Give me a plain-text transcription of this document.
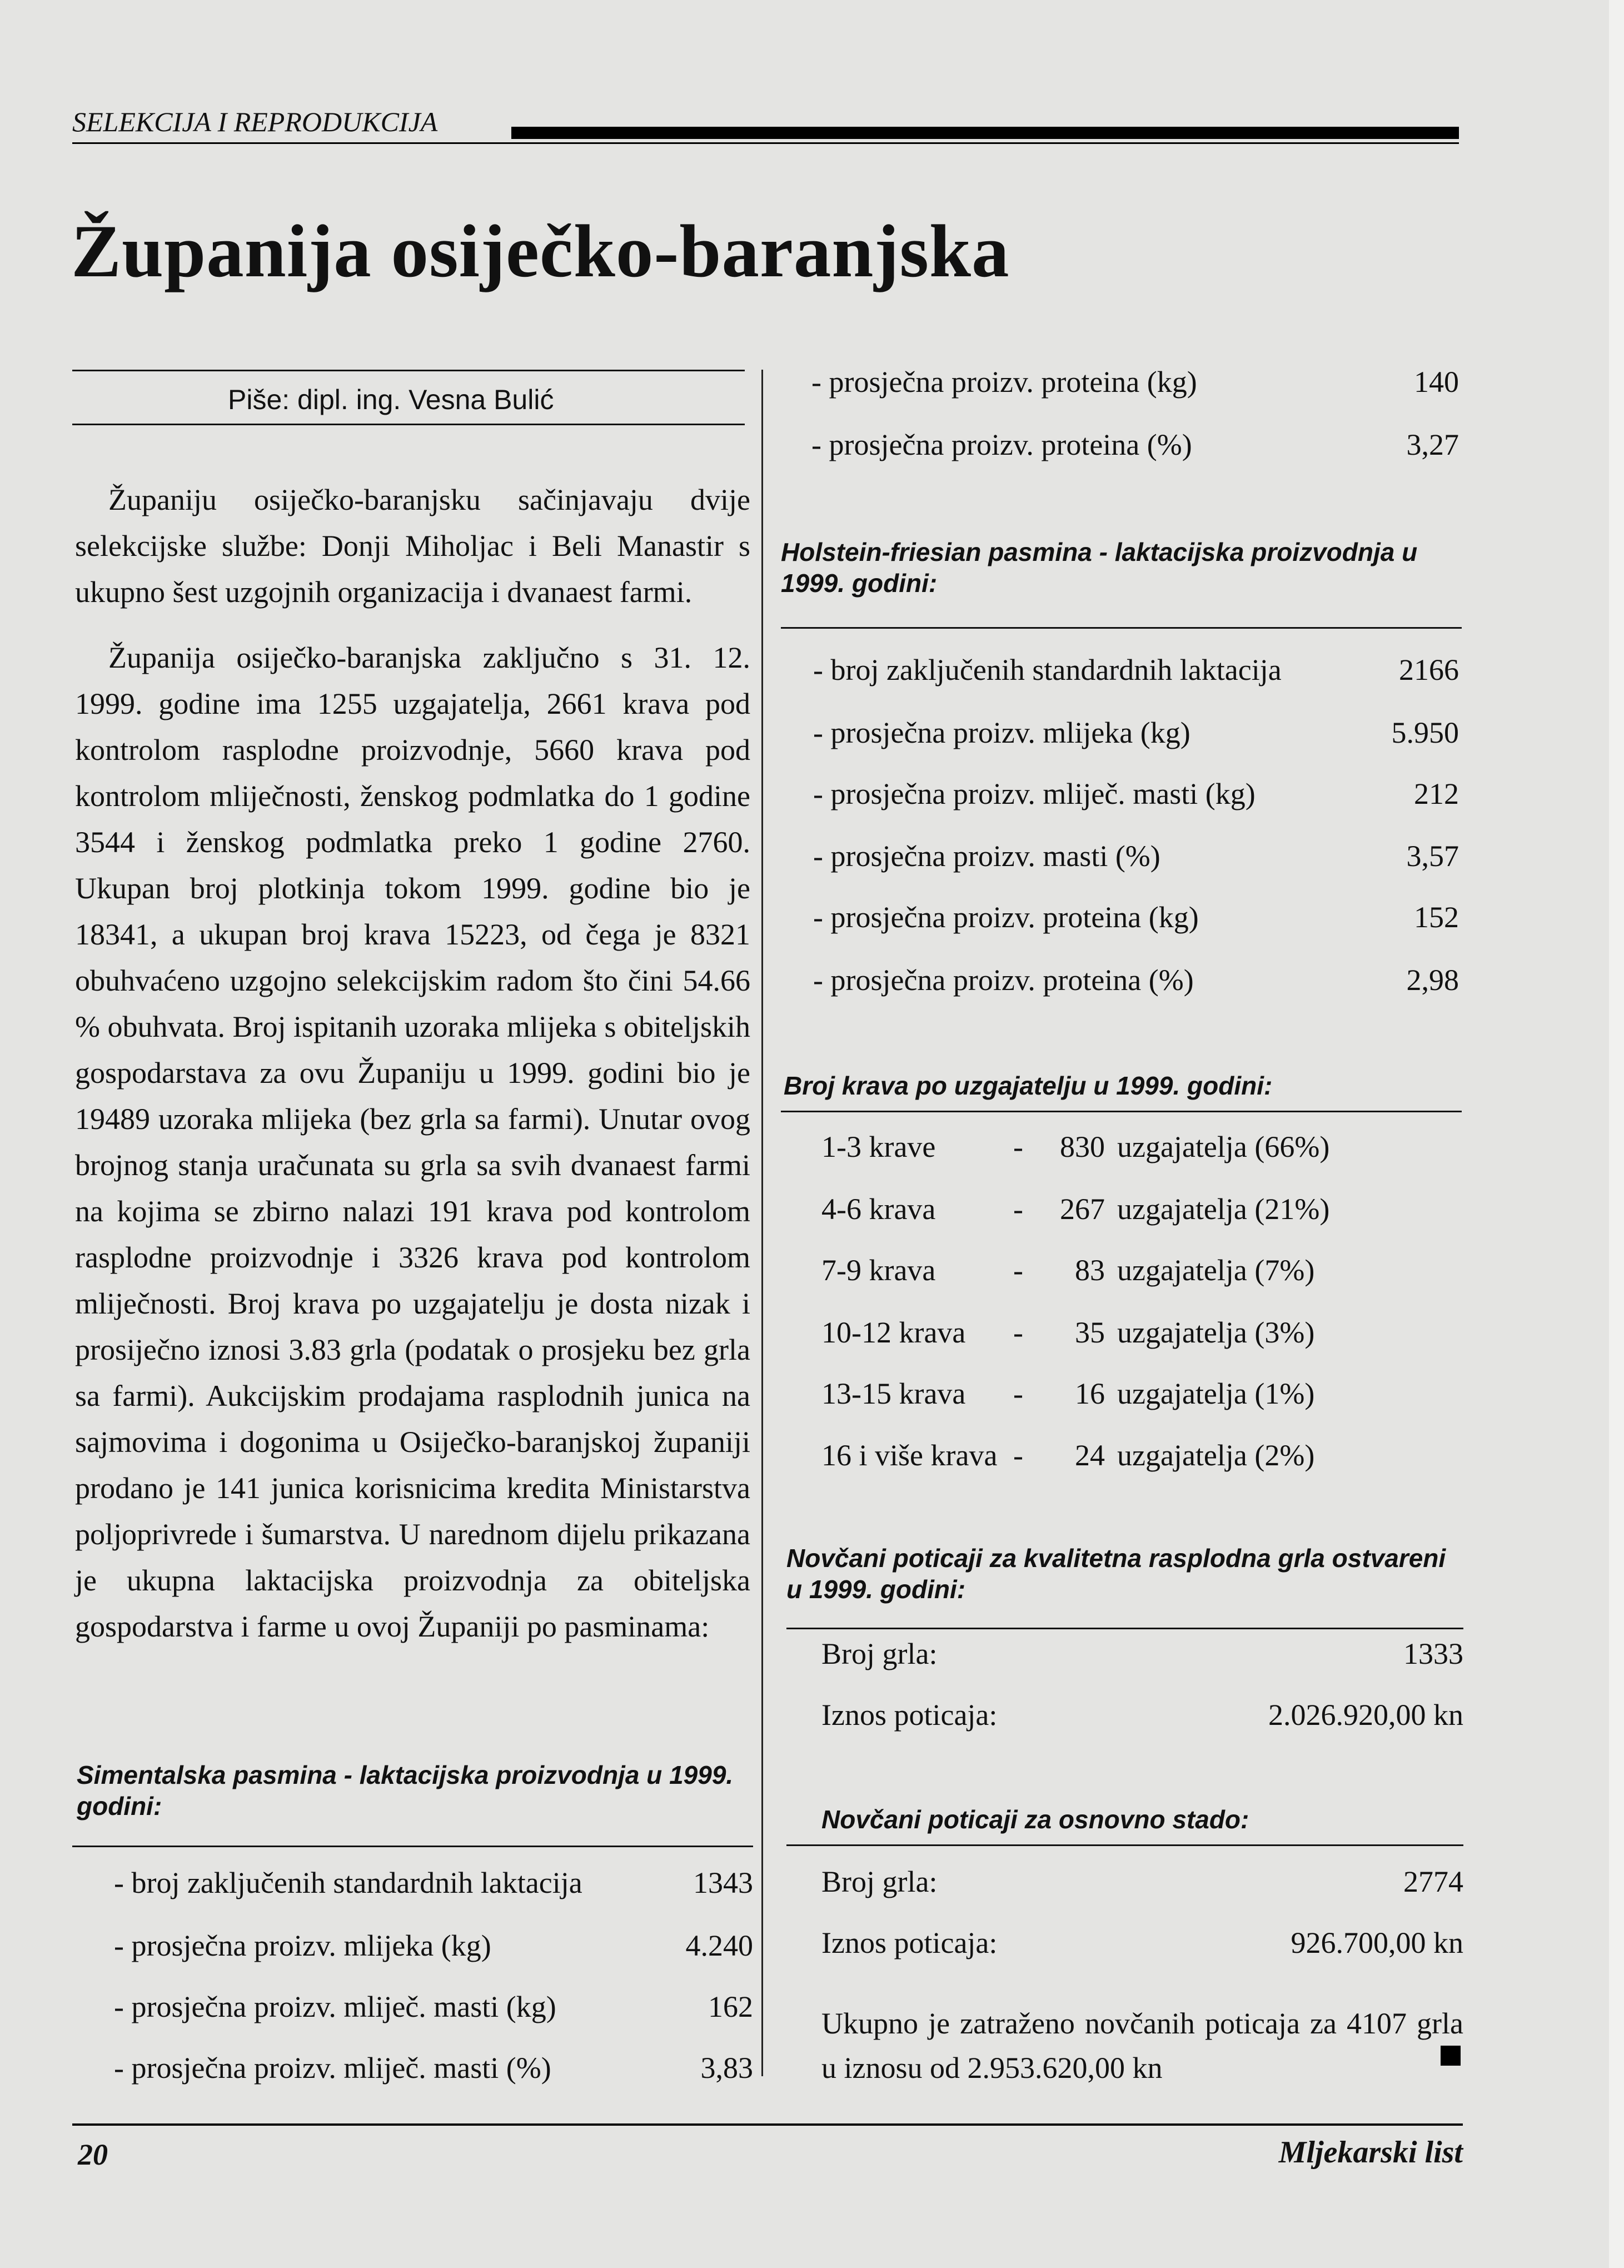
SELEKCIJA I REPRODUKCIJA
Županija osiječko-baranjska
Piše: dipl. ing. Vesna Bulić

Županiju osiječko-baranjsku sačinjavaju dvije selekcijske službe: Donji Miholjac i Beli Manastir s ukupno šest uzgojnih organizacija i dvanaest farmi.

Županija osiječko-baranjska zaključno s 31. 12. 1999. godine ima 1255 uzgajatelja, 2661 krava pod kontrolom rasplodne proizvodnje, 5660 krava pod kontrolom mliječnosti, ženskog podmlatka do 1 godine 3544 i ženskog podmlatka preko 1 godine 2760. Ukupan broj plotkinja tokom 1999. godine bio je 18341, a ukupan broj krava 15223, od čega je 8321 obuhvaćeno uzgojno selekcijskim radom što čini 54.66 % obuhvata. Broj ispitanih uzoraka mlijeka s obiteljskih gospodarstava za ovu Županiju u 1999. godini bio je 19489 uzoraka mlijeka (bez grla sa farmi). Unutar ovog brojnog stanja uračunata su grla sa svih dvanaest farmi na kojima se zbirno nalazi 191 krava pod kontrolom rasplodne proizvodnje i 3326 krava pod kontrolom mliječnosti. Broj krava po uzgajatelju je dosta nizak i prosiječno iznosi 3.83 grla (podatak o prosjeku bez grla sa farmi). Aukcijskim prodajama rasplodnih junica na sajmovima i dogonima u Osiječko-baranjskoj županiji prodano je 141 junica korisnicima kredita Ministarstva poljoprivrede i šumarstva. U narednom dijelu prikazana je ukupna laktacijska proizvodnja za obiteljska gospodarstva i farme u ovoj Županiji po pasminama:

Simentalska pasmina - laktacijska proizvodnja u 1999. godini:
- broj zaključenih standardnih laktacija	1343
- prosječna proizv. mlijeka (kg)	4.240
- prosječna proizv. mliječ. masti (kg)	162
- prosječna proizv. mliječ. masti (%)	3,83
- prosječna proizv. proteina (kg)	140
- prosječna proizv. proteina (%)	3,27
Holstein-friesian pasmina - laktacijska proizvodnja u 1999. godini:
- broj zaključenih standardnih laktacija	2166
- prosječna proizv. mlijeka (kg)	5.950
- prosječna proizv. mliječ. masti (kg)	212
- prosječna proizv. masti (%)	3,57
- prosječna proizv. proteina (kg)	152
- prosječna proizv. proteina (%)	2,98
Broj krava po uzgajatelju u 1999. godini:
1-3 krave	-	830 uzgajatelja (66%)
4-6 krava	-	267 uzgajatelja (21%)
7-9 krava	-	83 uzgajatelja (7%)
10-12 krava -	35 uzgajatelja (3%)
13-15 krava -	16 uzgajatelja (1%)
16 i više krava -	24 uzgajatelja (2%)
Novčani poticaji za kvalitetna rasplodna grla ostvareni u 1999. godini:
Broj grla:	1333
Iznos poticaja:	2.026.920,00 kn
Novčani poticaji za osnovno stado:
Broj grla:	2774
Iznos poticaja:	926.700,00 kn
Ukupno je zatraženo novčanih poticaja za 4107 grla u iznosu od 2.953.620,00 kn
20	Mljekarski list
